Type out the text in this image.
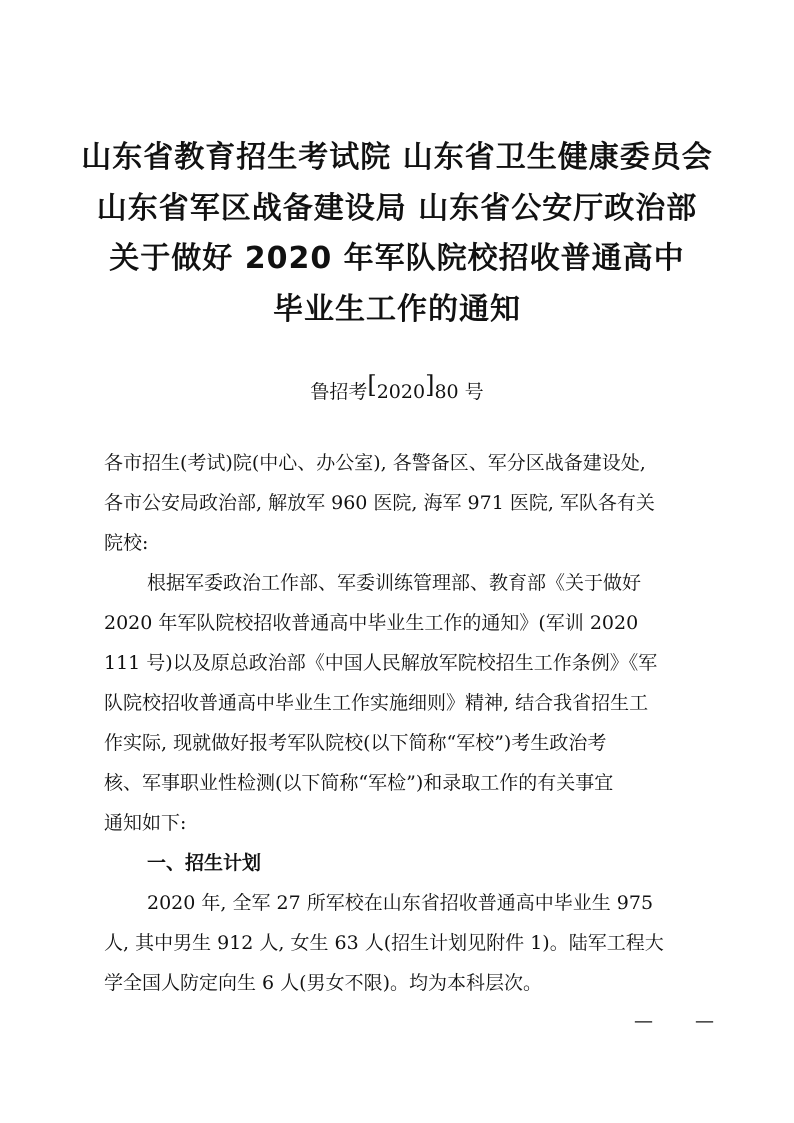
山东省教育招生考试院 山东省卫生健康委员会
山东省军区战备建设局 山东省公安厅政治部
关于做好 2020 年军队院校招收普通高中
毕业生工作的通知
鲁招考[2020]80 号
各市招生(考试)院(中心、办公室), 各警备区、军分区战备建设处,
各市公安局政治部, 解放军 960 医院, 海军 971 医院, 军队各有关
院校:
根据军委政治工作部、军委训练管理部、教育部《关于做好
2020 年军队院校招收普通高中毕业生工作的通知》(军训 2020
111 号)以及原总政治部《中国人民解放军院校招生工作条例》《军
队院校招收普通高中毕业生工作实施细则》精神, 结合我省招生工
作实际, 现就做好报考军队院校(以下简称“军校”)考生政治考
核、军事职业性检测(以下简称“军检”)和录取工作的有关事宜
通知如下:
一、招生计划
2020 年, 全军 27 所军校在山东省招收普通高中毕业生 975
人, 其中男生 912 人, 女生 63 人(招生计划见附件 1)。陆军工程大
学全国人防定向生 6 人(男女不限)。均为本科层次。
— —
